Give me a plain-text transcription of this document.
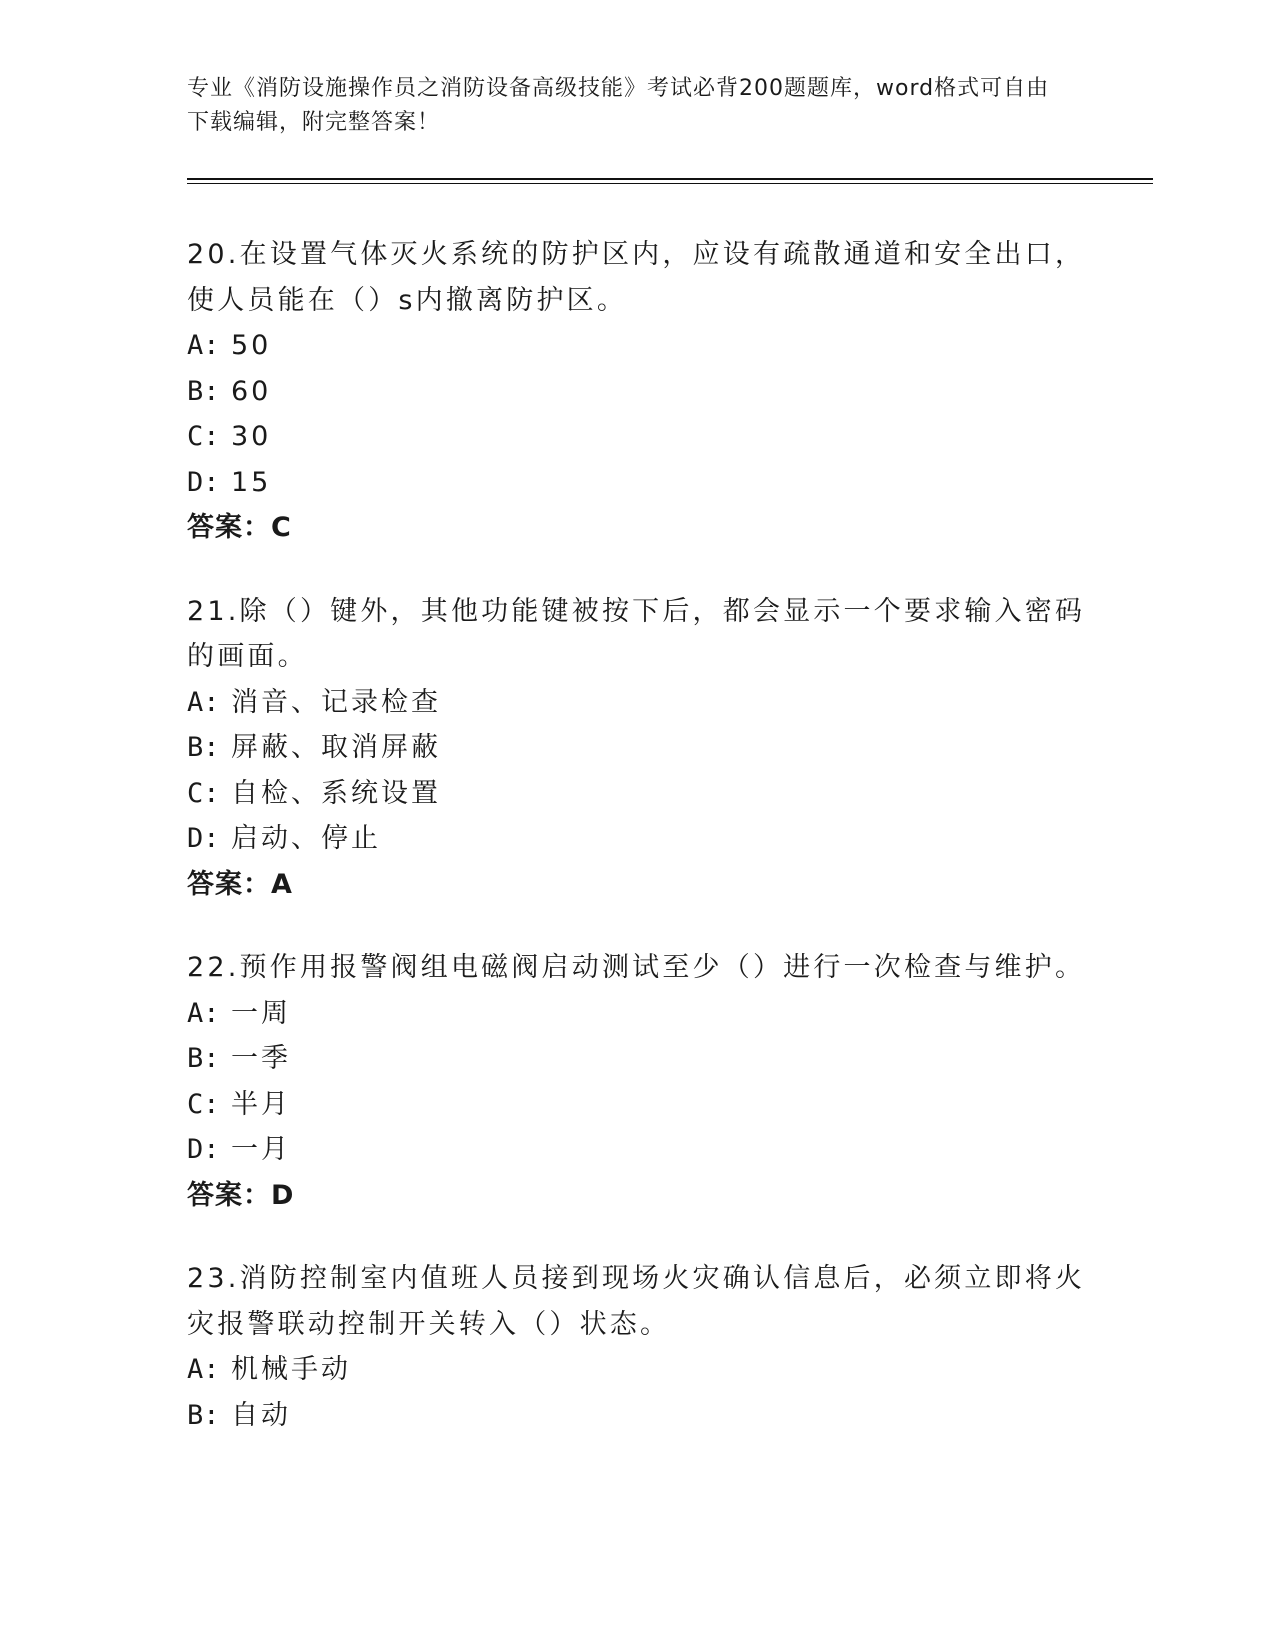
专业《消防设施操作员之消防设备高级技能》考试必背200题题库，word格式可自由下载编辑，附完整答案！

20.在设置气体灭火系统的防护区内，应设有疏散通道和安全出口，使人员能在（）s内撤离防护区。

A: 50

B: 60

C: 30

D: 15

答案：C

21.除（）键外，其他功能键被按下后，都会显示一个要求输入密码的画面。

A: 消音、记录检查

B: 屏蔽、取消屏蔽

C: 自检、系统设置

D: 启动、停止

答案：A

22.预作用报警阀组电磁阀启动测试至少（）进行一次检查与维护。

A: 一周

B: 一季

C: 半月

D: 一月

答案：D

23.消防控制室内值班人员接到现场火灾确认信息后，必须立即将火灾报警联动控制开关转入（）状态。

A: 机械手动

B: 自动
